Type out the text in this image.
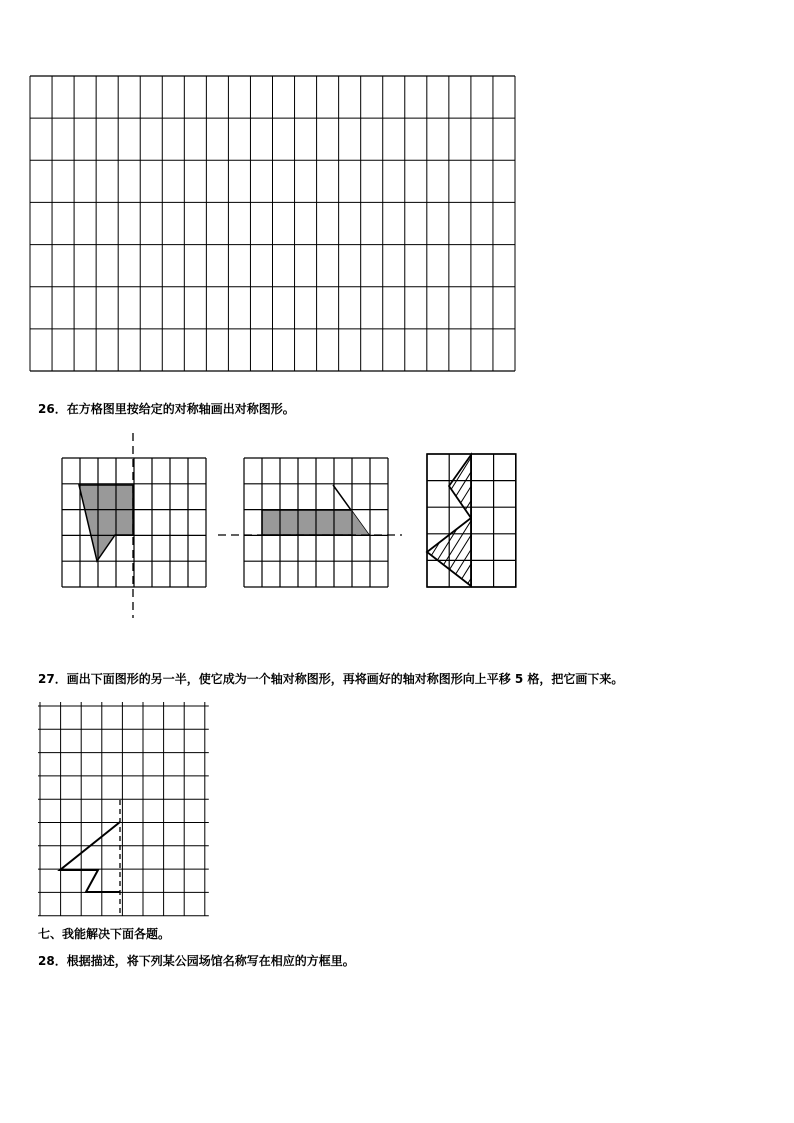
26．在方格图里按给定的对称轴画出对称图形。
27．画出下面图形的另一半，使它成为一个轴对称图形，再将画好的轴对称图形向上平移 5 格，把它画下来。
七、我能解决下面各题。
28．根据描述，将下列某公园场馆名称写在相应的方框里。
